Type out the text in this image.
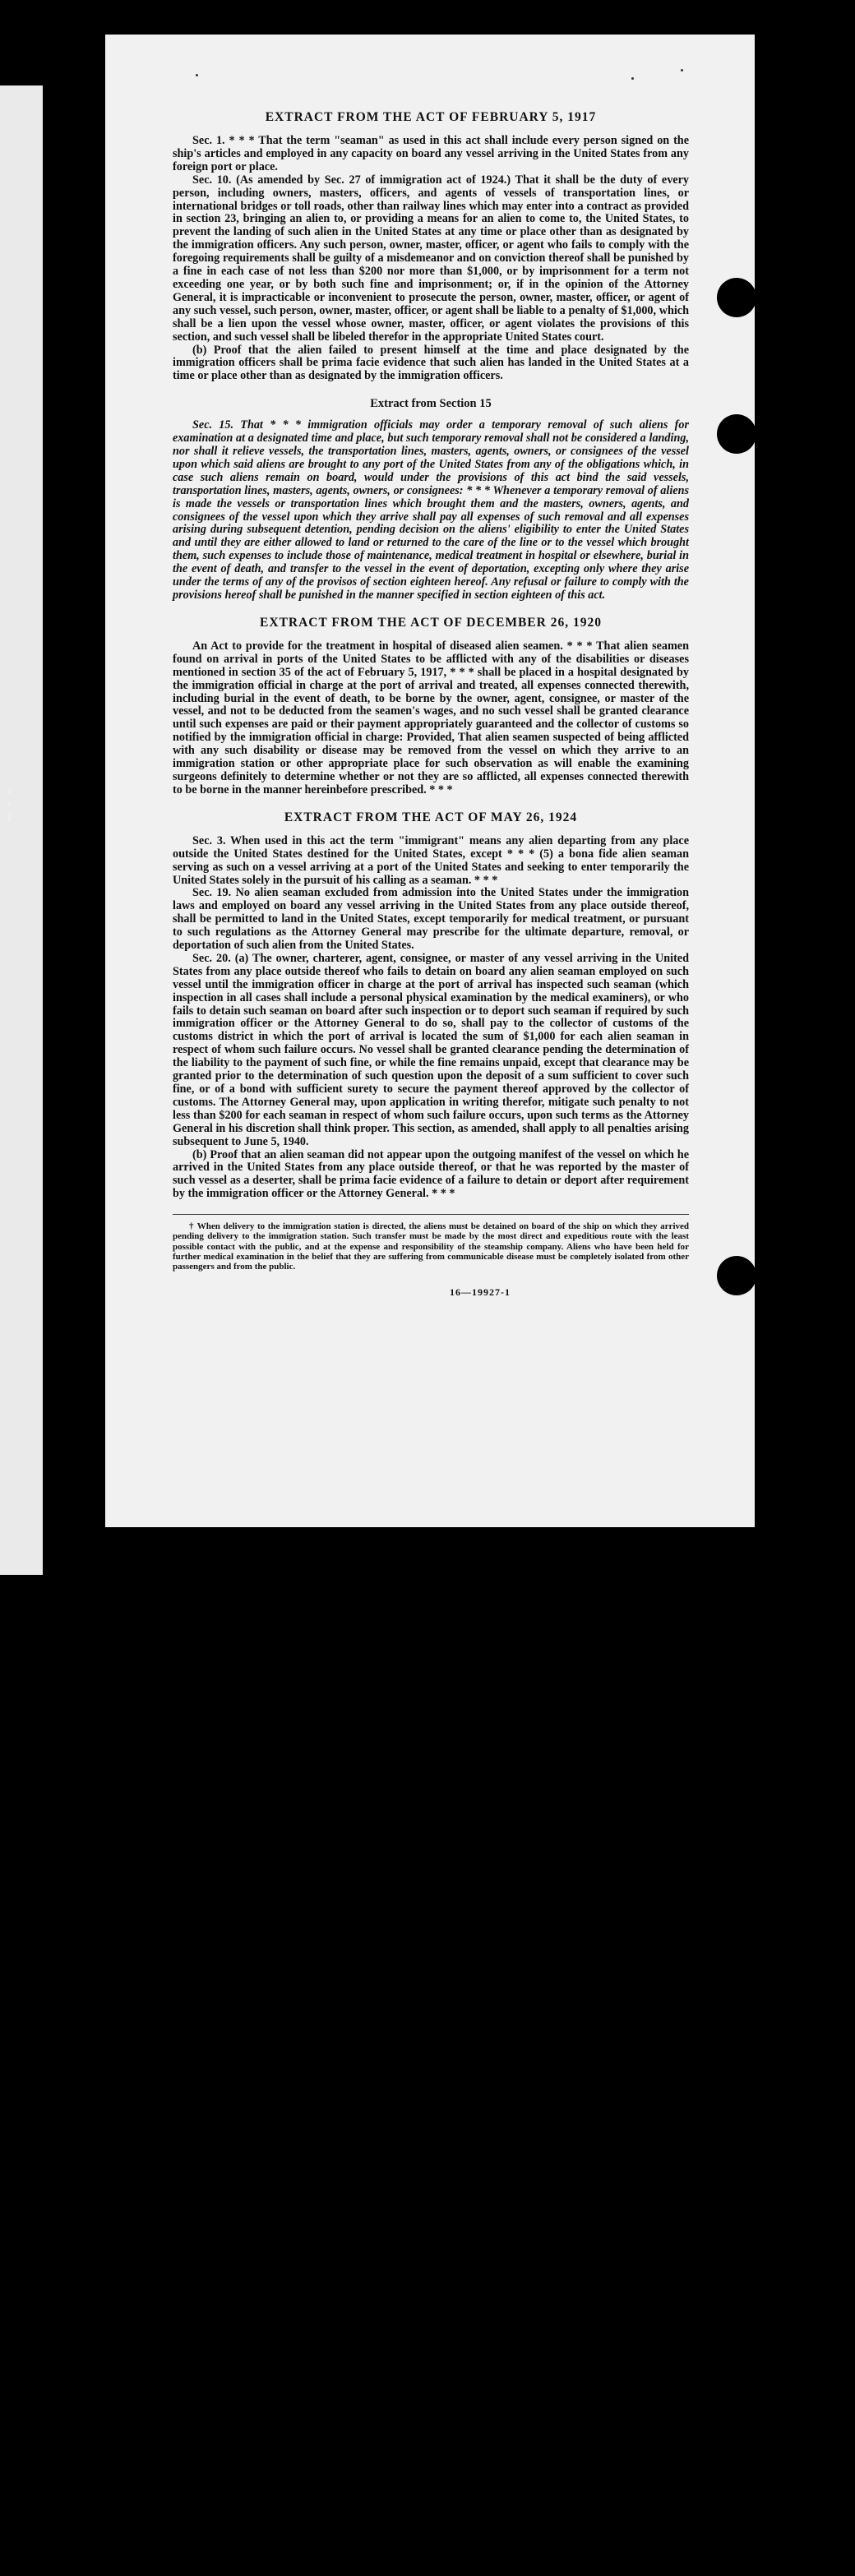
EXTRACT FROM THE ACT OF FEBRUARY 5, 1917

Sec. 1. * * * That the term "seaman" as used in this act shall include every person signed on the ship's articles and employed in any capacity on board any vessel arriving in the United States from any foreign port or place.

Sec. 10. (As amended by Sec. 27 of immigration act of 1924.) That it shall be the duty of every person, including owners, masters, officers, and agents of vessels of transportation lines, or international bridges or toll roads, other than railway lines which may enter into a contract as provided in section 23, bringing an alien to, or providing a means for an alien to come to, the United States, to prevent the landing of such alien in the United States at any time or place other than as designated by the immigration officers. Any such person, owner, master, officer, or agent who fails to comply with the foregoing requirements shall be guilty of a misdemeanor and on conviction thereof shall be punished by a fine in each case of not less than $200 nor more than $1,000, or by imprisonment for a term not exceeding one year, or by both such fine and imprisonment; or, if in the opinion of the Attorney General, it is impracticable or inconvenient to prosecute the person, owner, master, officer, or agent of any such vessel, such person, owner, master, officer, or agent shall be liable to a penalty of $1,000, which shall be a lien upon the vessel whose owner, master, officer, or agent violates the provisions of this section, and such vessel shall be libeled therefor in the appropriate United States court.

(b) Proof that the alien failed to present himself at the time and place designated by the immigration officers shall be prima facie evidence that such alien has landed in the United States at a time or place other than as designated by the immigration officers.

Extract from Section 15

Sec. 15. That * * * immigration officials may order a temporary removal of such aliens for examination at a designated time and place, but such temporary removal shall not be considered a landing, nor shall it relieve vessels, the transportation lines, masters, agents, owners, or consignees of the vessel upon which said aliens are brought to any port of the United States from any of the obligations which, in case such aliens remain on board, would under the provisions of this act bind the said vessels, transportation lines, masters, agents, owners, or consignees: * * * Whenever a temporary removal of aliens is made the vessels or transportation lines which brought them and the masters, owners, agents, and consignees of the vessel upon which they arrive shall pay all expenses of such removal and all expenses arising during subsequent detention, pending decision on the aliens' eligibility to enter the United States and until they are either allowed to land or returned to the care of the line or to the vessel which brought them, such expenses to include those of maintenance, medical treatment in hospital or elsewhere, burial in the event of death, and transfer to the vessel in the event of deportation, excepting only where they arise under the terms of any of the provisos of section eighteen hereof. Any refusal or failure to comply with the provisions hereof shall be punished in the manner specified in section eighteen of this act.

EXTRACT FROM THE ACT OF DECEMBER 26, 1920

An Act to provide for the treatment in hospital of diseased alien seamen. * * * That alien seamen found on arrival in ports of the United States to be afflicted with any of the disabilities or diseases mentioned in section 35 of the act of February 5, 1917, * * * shall be placed in a hospital designated by the immigration official in charge at the port of arrival and treated, all expenses connected therewith, including burial in the event of death, to be borne by the owner, agent, consignee, or master of the vessel, and not to be deducted from the seamen's wages, and no such vessel shall be granted clearance until such expenses are paid or their payment appropriately guaranteed and the collector of customs so notified by the immigration official in charge: Provided, That alien seamen suspected of being afflicted with any such disability or disease may be removed from the vessel on which they arrive to an immigration station or other appropriate place for such observation as will enable the examining surgeons definitely to determine whether or not they are so afflicted, all expenses connected therewith to be borne in the manner hereinbefore prescribed. * * *

EXTRACT FROM THE ACT OF MAY 26, 1924

Sec. 3. When used in this act the term "immigrant" means any alien departing from any place outside the United States destined for the United States, except * * * (5) a bona fide alien seaman serving as such on a vessel arriving at a port of the United States and seeking to enter temporarily the United States solely in the pursuit of his calling as a seaman. * * *

Sec. 19. No alien seaman excluded from admission into the United States under the immigration laws and employed on board any vessel arriving in the United States from any place outside thereof, shall be permitted to land in the United States, except temporarily for medical treatment, or pursuant to such regulations as the Attorney General may prescribe for the ultimate departure, removal, or deportation of such alien from the United States.

Sec. 20. (a) The owner, charterer, agent, consignee, or master of any vessel arriving in the United States from any place outside thereof who fails to detain on board any alien seaman employed on such vessel until the immigration officer in charge at the port of arrival has inspected such seaman (which inspection in all cases shall include a personal physical examination by the medical examiners), or who fails to detain such seaman on board after such inspection or to deport such seaman if required by such immigration officer or the Attorney General to do so, shall pay to the collector of customs of the customs district in which the port of arrival is located the sum of $1,000 for each alien seaman in respect of whom such failure occurs. No vessel shall be granted clearance pending the determination of the liability to the payment of such fine, or while the fine remains unpaid, except that clearance may be granted prior to the determination of such question upon the deposit of a sum sufficient to cover such fine, or of a bond with sufficient surety to secure the payment thereof approved by the collector of customs. The Attorney General may, upon application in writing therefor, mitigate such penalty to not less than $200 for each seaman in respect of whom such failure occurs, upon such terms as the Attorney General in his discretion shall think proper. This section, as amended, shall apply to all penalties arising subsequent to June 5, 1940.

(b) Proof that an alien seaman did not appear upon the outgoing manifest of the vessel on which he arrived in the United States from any place outside thereof, or that he was reported by the master of such vessel as a deserter, shall be prima facie evidence of a failure to detain or deport after requirement by the immigration officer or the Attorney General. * * *

† When delivery to the immigration station is directed, the aliens must be detained on board of the ship on which they arrived pending delivery to the immigration station. Such transfer must be made by the most direct and expeditious route with the least possible contact with the public, and at the expense and responsibility of the steamship company. Aliens who have been held for further medical examination in the belief that they are suffering from communicable disease must be completely isolated from other passengers and from the public.
16—19927-1
